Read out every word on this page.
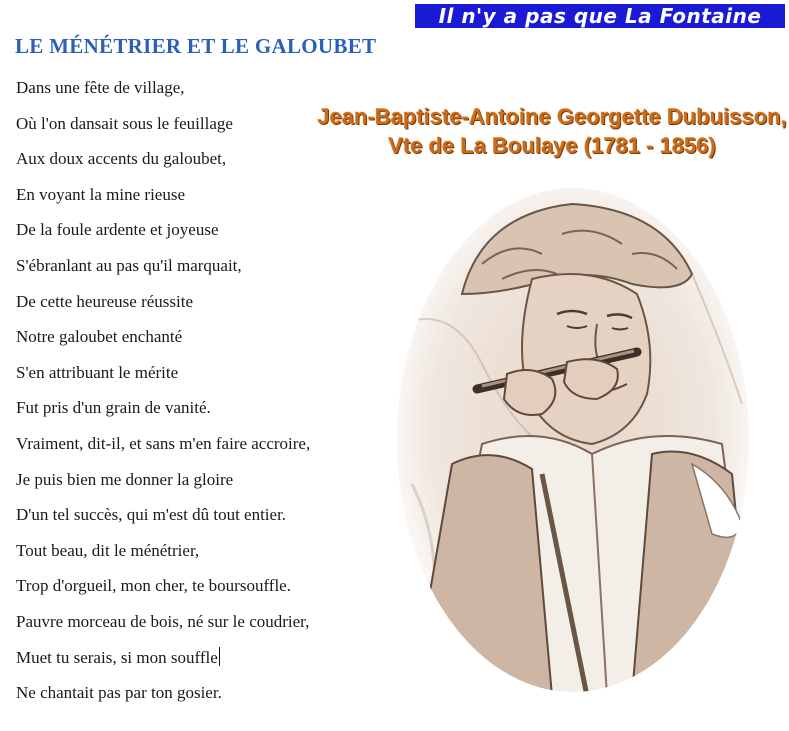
Il n'y a pas que La Fontaine
LE MÉNÉTRIER ET LE GALOUBET
Jean-Baptiste-Antoine Georgette Dubuisson,
Vte de La Boulaye (1781 - 1856)
Dans une fête de village,
Où l'on dansait sous le feuillage
Aux doux accents du galoubet,
En voyant la mine rieuse
De la foule ardente et joyeuse
S'ébranlant au pas qu'il marquait,
De cette heureuse réussite
Notre galoubet enchanté
S'en attribuant le mérite
Fut pris d'un grain de vanité.
Vraiment, dit-il, et sans m'en faire accroire,
Je puis bien me donner la gloire
D'un tel succès, qui m'est dû tout entier.
Tout beau, dit le ménétrier,
Trop d'orgueil, mon cher, te boursouffle.
Pauvre morceau de bois, né sur le coudrier,
Muet tu serais, si mon souffle
Ne chantait pas par ton gosier.
